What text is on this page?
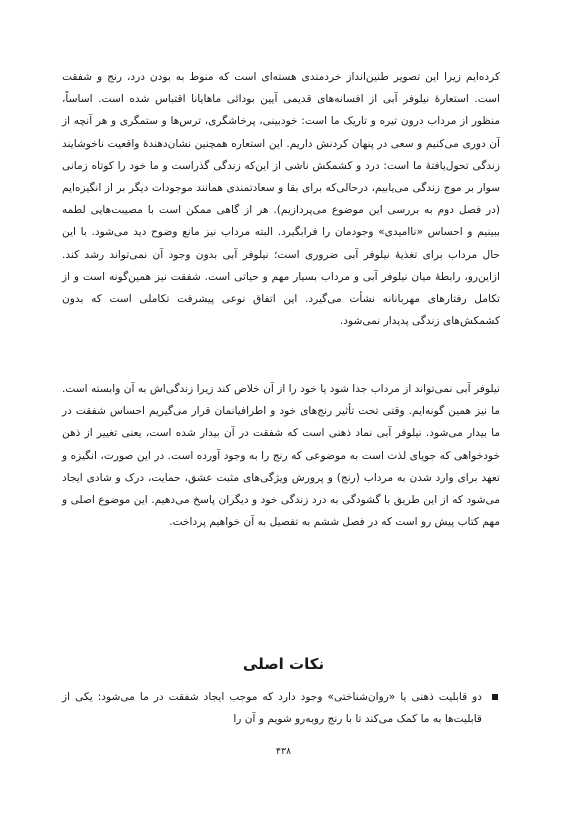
کرده‌ایم زیرا این تصویر طنین‌انداز خردمندی هسته‌ای است که منوط به بودن درد، رنج و شفقت است. استعارهٔ نیلوفر آبی از افسانه‌های قدیمی آیین بودائی ماهایانا اقتباس شده است. اساساً، منظور از مرداب درون تیره و تاریک ما است: خودبینی، پرخاشگری، ترس‌ها و ستمگری و هر آنچه از آن دوری می‌کنیم و سعی در پنهان کردنش داریم. این استعاره همچنین نشان‌دهندهٔ واقعیت ناخوشایند زندگی تحول‌یافتهٔ ما است: درد و کشمکش ناشی از این‌که زندگی گذراست و ما خود را کوتاه زمانی سوار بر موج زندگی می‌یابیم، درحالی‌که برای بقا و سعادتمندی همانند موجودات دیگر بر از انگیزه‌ایم (در فصل دوم به بررسی این موضوع می‌پردازیم). هر از گاهی ممکن است با مصیبت‌هایی لطمه ببینیم و احساس «ناامیدی» وجودمان را فرابگیرد. البته مرداب نیز مانع وضوح دید می‌شود. با این حال مرداب برای تغذیهٔ نیلوفر آبی ضروری است؛ نیلوفر آبی بدون وجود آن نمی‌تواند رشد کند. ازاین‌رو، رابطهٔ میان نیلوفر آبی و مرداب بسیار مهم و حیاتی است. شفقت نیز همین‌گونه است و از تکامل رفتارهای مهربانانه نشأت می‌گیرد. این اتفاق نوعی پیشرفت تکاملی است که بدون کشمکش‌های زندگی پدیدار نمی‌شود.

نیلوفر آبی نمی‌تواند از مرداب جدا شود یا خود را از آن خلاص کند زیرا زندگی‌اش به آن وابسته است. ما نیز همین گونه‌ایم. وقتی تحت تأثیر رنج‌های خود و اطرافیانمان قرار می‌گیریم احساس شفقت در ما بیدار می‌شود. نیلوفر آبی نماد ذهنی است که شفقت در آن بیدار شده است، یعنی تغییر از ذهن خودخواهی که جویای لذت است به موضوعی که رنج را به وجود آورده است. در این صورت، انگیزه و تعهد برای وارد شدن به مرداب (رنج) و پرورش ویژگی‌های مثبت عشق، حمایت، درک و شادی ایجاد می‌شود که از این طریق با گشودگی به درد زندگی خود و دیگران پاسخ می‌دهیم. این موضوع اصلی و مهم کتاب پیش رو است که در فصل ششم به تفصیل به آن خواهیم پرداخت.

نکات اصلی
دو قابلیت ذهنی یا «روان‌شناختی» وجود دارد که موجب ایجاد شفقت در ما می‌شود: یکی از قابلیت‌ها به ما کمک می‌کند تا با رنج روبه‌رو شویم و آن را
۴۳۸
